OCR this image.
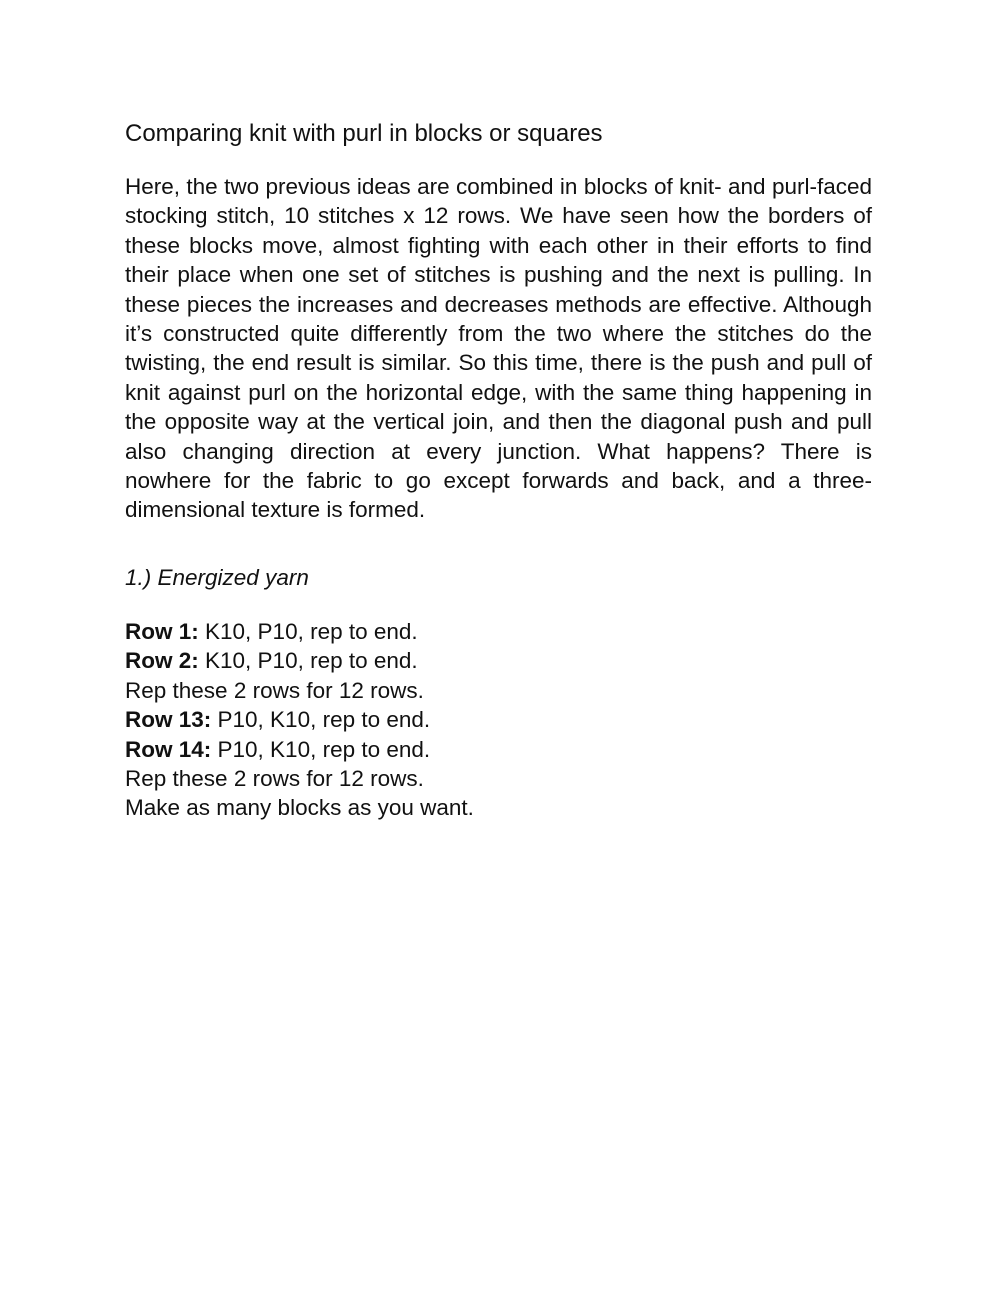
Comparing knit with purl in blocks or squares

Here, the two previous ideas are combined in blocks of knit- and purl-faced stocking stitch, 10 stitches x 12 rows. We have seen how the borders of these blocks move, almost fighting with each other in their efforts to find their place when one set of stitches is pushing and the next is pulling. In these pieces the increases and decreases methods are effective. Although it’s constructed quite differently from the two where the stitches do the twisting, the end result is similar. So this time, there is the push and pull of knit against purl on the horizontal edge, with the same thing happening in the opposite way at the vertical join, and then the diagonal push and pull also changing direction at every junction. What happens? There is nowhere for the fabric to go except forwards and back, and a three-dimensional texture is formed.

1.) Energized yarn
Row 1: K10, P10, rep to end.
Row 2: K10, P10, rep to end.
Rep these 2 rows for 12 rows.
Row 13: P10, K10, rep to end.
Row 14: P10, K10, rep to end.
Rep these 2 rows for 12 rows.
Make as many blocks as you want.
